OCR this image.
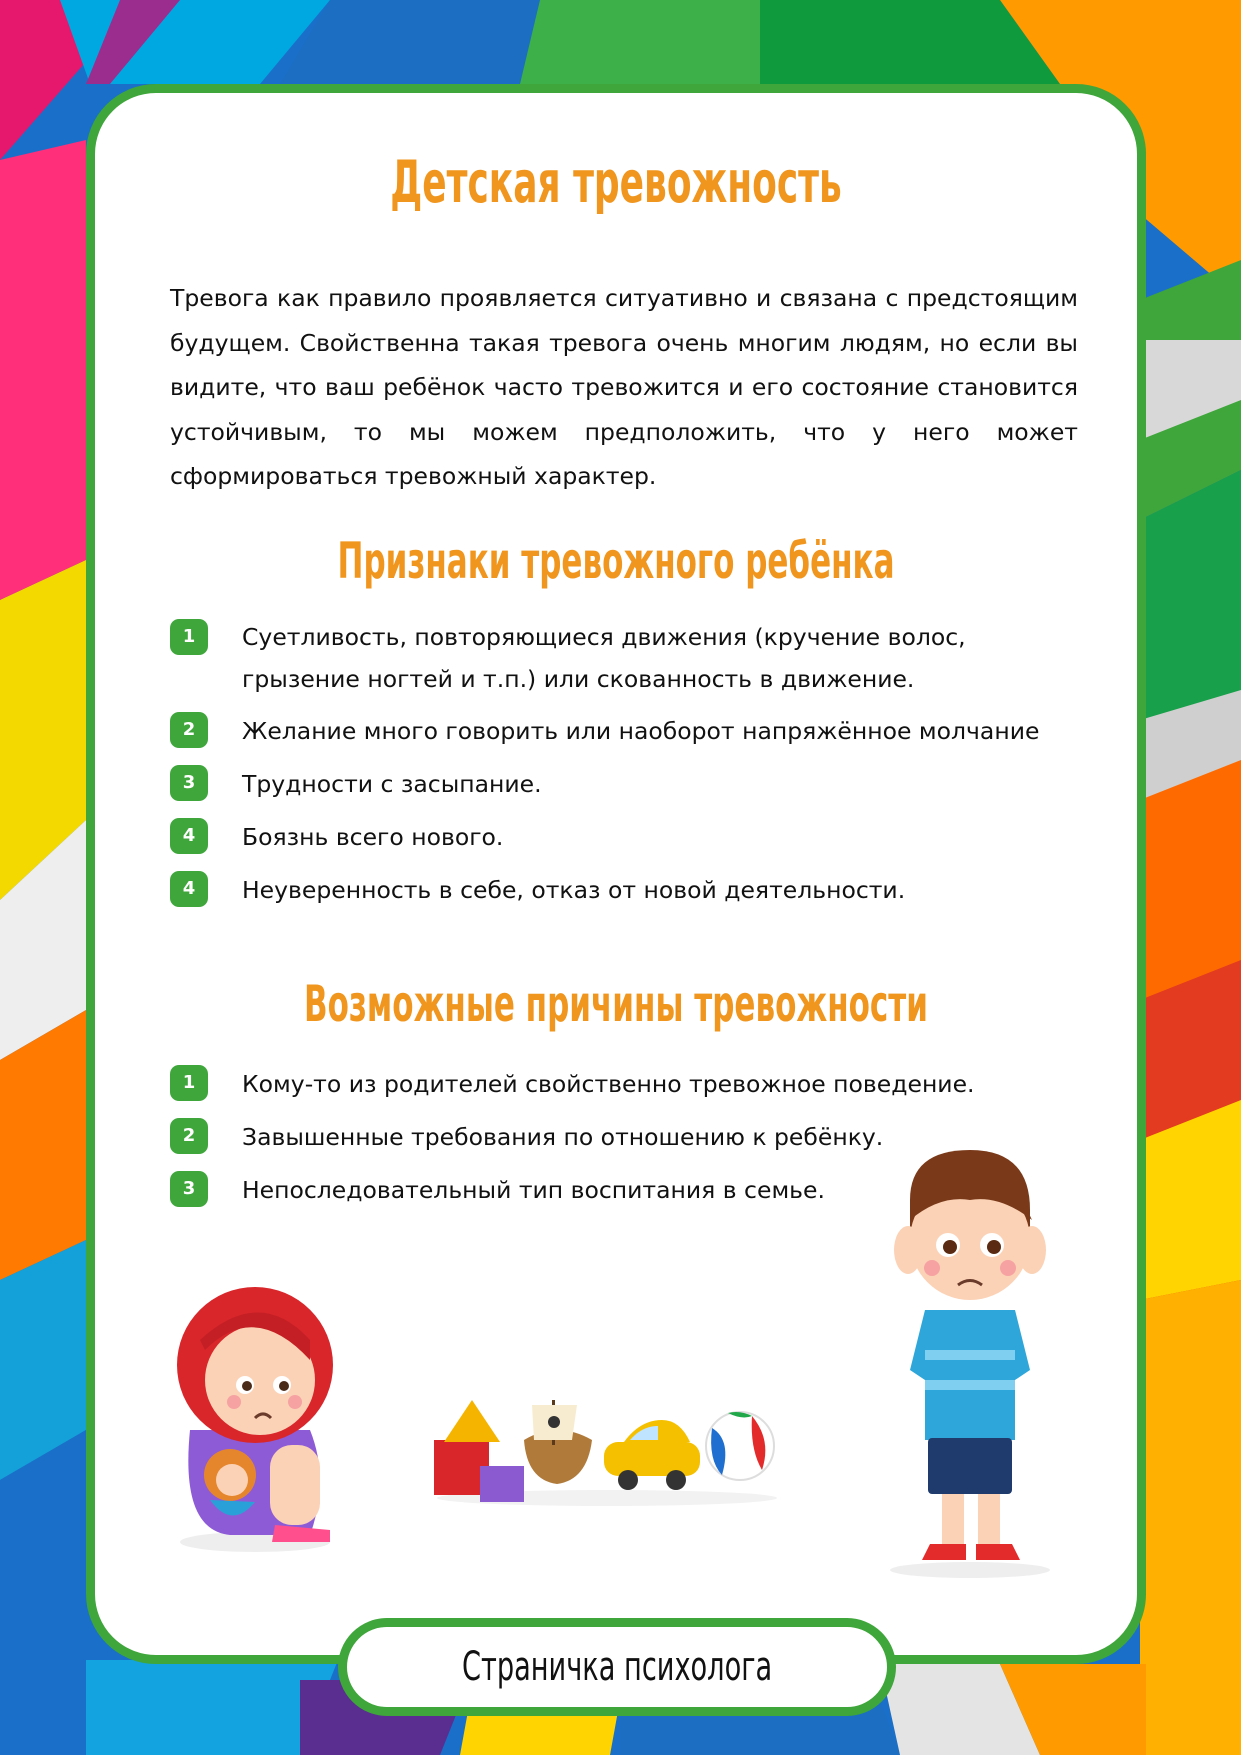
Детская тревожность
Тревога как правило проявляется ситуативно и связана с предстоящим будущем. Свойственна такая тревога очень многим людям, но если вы видите, что ваш ребёнок часто тревожится и его состояние становится устойчивым, то мы можем предположить, что у него может сформироваться тревожный характер.
Признаки тревожного ребёнка
1	Суетливость, повторяющиеся движения (кручение волос, грызение ногтей и т.п.) или скованность в движение.
2	Желание много говорить или наоборот напряжённое молчание
3	Трудности с засыпание.
4	Боязнь всего нового.
4	Неуверенность в себе, отказ от новой деятельности.
Возможные причины тревожности
1	Кому-то из родителей свойственно тревожное поведение.
2	Завышенные требования по отношению к ребёнку.
3	Непоследовательный тип воспитания в семье.
Страничка психолога
